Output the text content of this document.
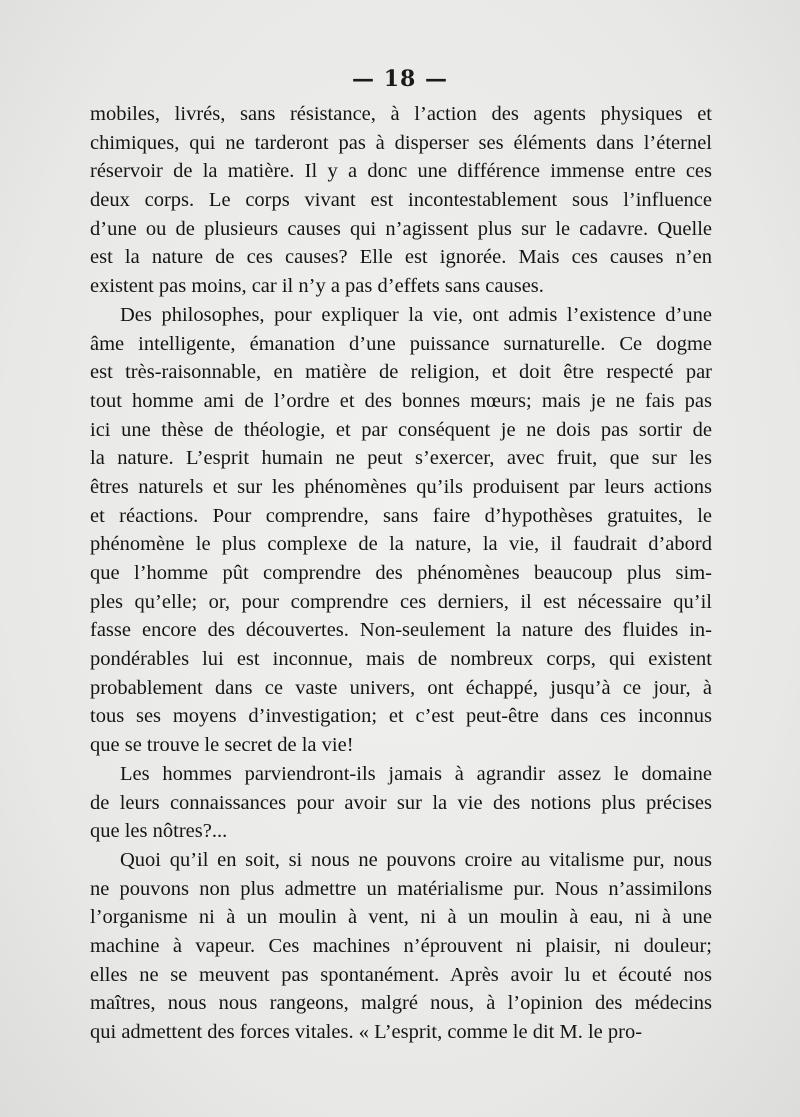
— 18 —
mobiles, livrés, sans résistance, à l’action des agents physiques et
chimiques, qui ne tarderont pas à disperser ses éléments dans l’éternel
réservoir de la matière. Il y a donc une différence immense entre ces
deux corps. Le corps vivant est incontestablement sous l’influence
d’une ou de plusieurs causes qui n’agissent plus sur le cadavre. Quelle
est la nature de ces causes? Elle est ignorée. Mais ces causes n’en
existent pas moins, car il n’y a pas d’effets sans causes.
Des philosophes, pour expliquer la vie, ont admis l’existence d’une
âme intelligente, émanation d’une puissance surnaturelle. Ce dogme
est très-raisonnable, en matière de religion, et doit être respecté par
tout homme ami de l’ordre et des bonnes mœurs; mais je ne fais pas
ici une thèse de théologie, et par conséquent je ne dois pas sortir de
la nature. L’esprit humain ne peut s’exercer, avec fruit, que sur les
êtres naturels et sur les phénomènes qu’ils produisent par leurs actions
et réactions. Pour comprendre, sans faire d’hypothèses gratuites, le
phénomène le plus complexe de la nature, la vie, il faudrait d’abord
que l’homme pût comprendre des phénomènes beaucoup plus sim-
ples qu’elle; or, pour comprendre ces derniers, il est nécessaire qu’il
fasse encore des découvertes. Non-seulement la nature des fluides in-
pondérables lui est inconnue, mais de nombreux corps, qui existent
probablement dans ce vaste univers, ont échappé, jusqu’à ce jour, à
tous ses moyens d’investigation; et c’est peut-être dans ces inconnus
que se trouve le secret de la vie!
Les hommes parviendront-ils jamais à agrandir assez le domaine
de leurs connaissances pour avoir sur la vie des notions plus précises
que les nôtres?...
Quoi qu’il en soit, si nous ne pouvons croire au vitalisme pur, nous
ne pouvons non plus admettre un matérialisme pur. Nous n’assimilons
l’organisme ni à un moulin à vent, ni à un moulin à eau, ni à une
machine à vapeur. Ces machines n’éprouvent ni plaisir, ni douleur;
elles ne se meuvent pas spontanément. Après avoir lu et écouté nos
maîtres, nous nous rangeons, malgré nous, à l’opinion des médecins
qui admettent des forces vitales. « L’esprit, comme le dit M. le pro-
